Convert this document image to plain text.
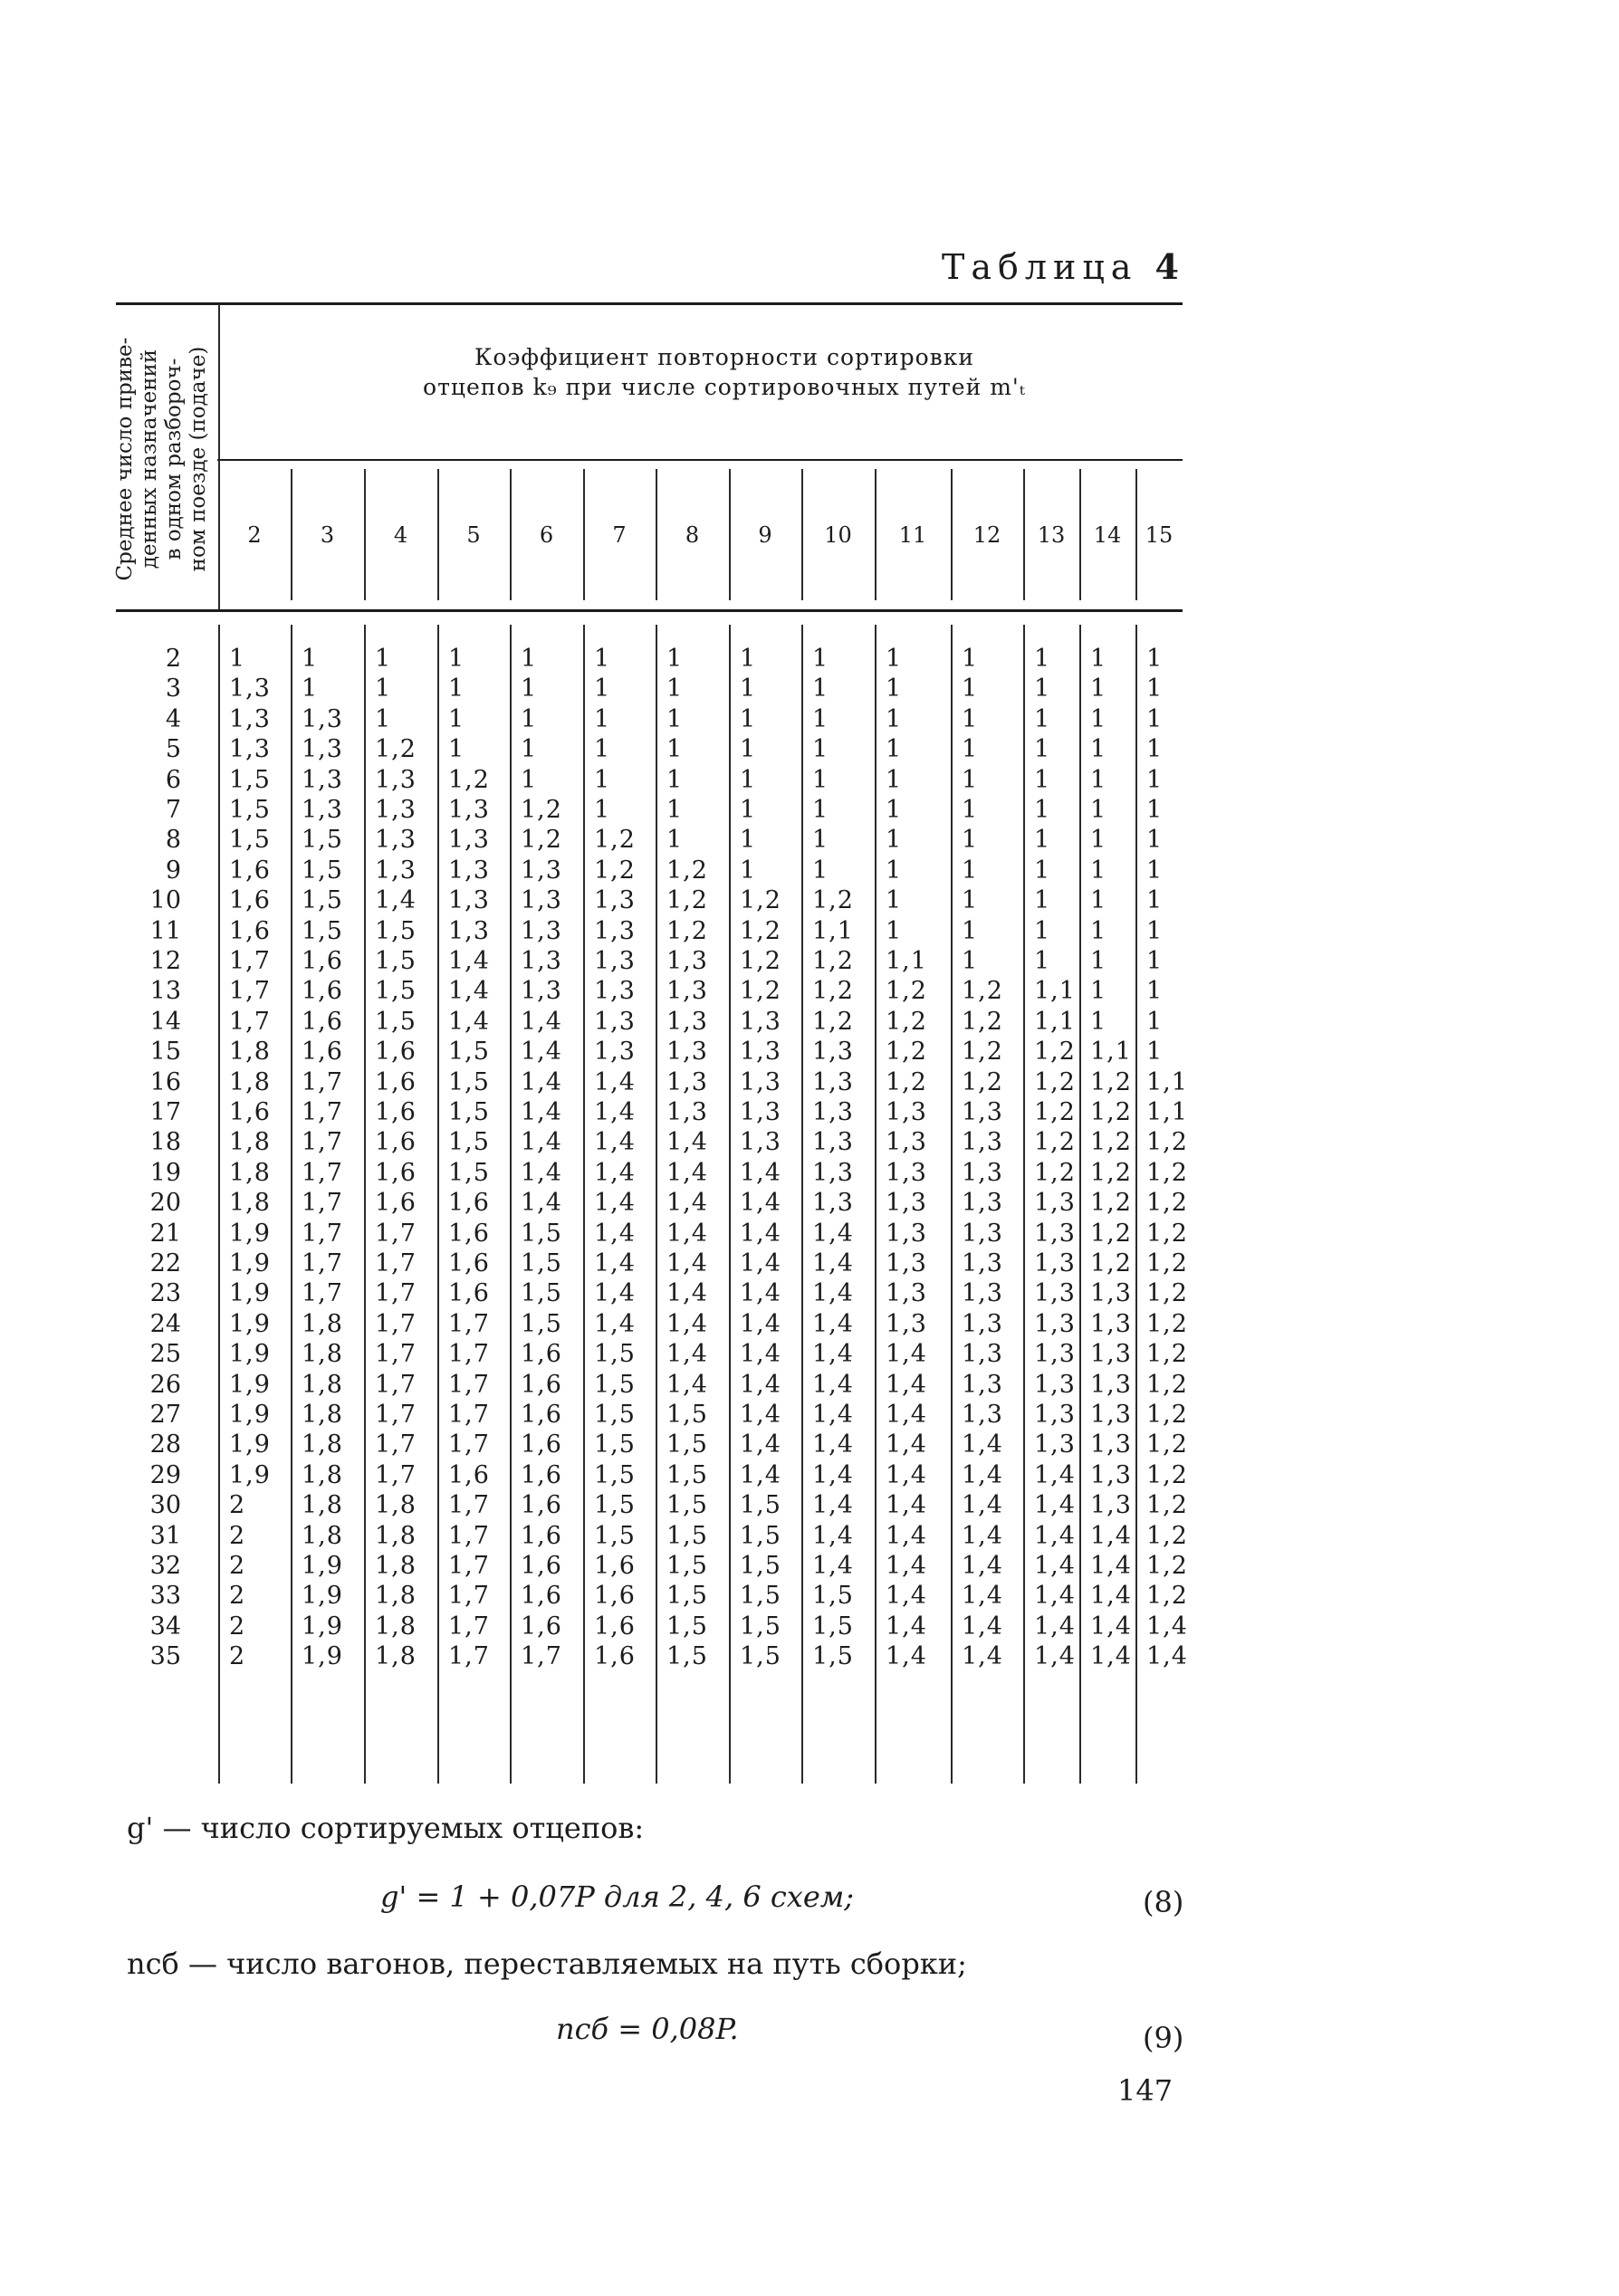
Таблица 4
Среднее число приве-
денных назначений
в одном разбороч-
ном поезде (подаче)	Коэффициент повторности сортировки
отцепов k₉ при числе сортировочных путей m'ₜ
2	3	4	5	6	7	8	9	10	11	12	13	14	15
2 1 1 1 1 1 1 1 1 1 1 1 1 1 1
3 1,3 1 1 1 1 1 1 1 1 1 1 1 1 1
4 1,3 1,3 1 1 1 1 1 1 1 1 1 1 1 1
5 1,3 1,3 1,2 1 1 1 1 1 1 1 1 1 1 1
6 1,5 1,3 1,3 1,2 1 1 1 1 1 1 1 1 1 1
7 1,5 1,3 1,3 1,3 1,2 1 1 1 1 1 1 1 1 1
8 1,5 1,5 1,3 1,3 1,2 1,2 1 1 1 1 1 1 1 1
9 1,6 1,5 1,3 1,3 1,3 1,2 1,2 1 1 1 1 1 1 1
10 1,6 1,5 1,4 1,3 1,3 1,3 1,2 1,2 1,2 1 1 1 1 1
11 1,6 1,5 1,5 1,3 1,3 1,3 1,2 1,2 1,1 1 1 1 1 1
12 1,7 1,6 1,5 1,4 1,3 1,3 1,3 1,2 1,2 1,1 1 1 1 1
13 1,7 1,6 1,5 1,4 1,3 1,3 1,3 1,2 1,2 1,2 1,2 1,1 1 1
14 1,7 1,6 1,5 1,4 1,4 1,3 1,3 1,3 1,2 1,2 1,2 1,1 1 1
15 1,8 1,6 1,6 1,5 1,4 1,3 1,3 1,3 1,3 1,2 1,2 1,2 1,1 1
16 1,8 1,7 1,6 1,5 1,4 1,4 1,3 1,3 1,3 1,2 1,2 1,2 1,2 1,1
17 1,6 1,7 1,6 1,5 1,4 1,4 1,3 1,3 1,3 1,3 1,3 1,2 1,2 1,1
18 1,8 1,7 1,6 1,5 1,4 1,4 1,4 1,3 1,3 1,3 1,3 1,2 1,2 1,2
19 1,8 1,7 1,6 1,5 1,4 1,4 1,4 1,4 1,3 1,3 1,3 1,2 1,2 1,2
20 1,8 1,7 1,6 1,6 1,4 1,4 1,4 1,4 1,3 1,3 1,3 1,3 1,2 1,2
21 1,9 1,7 1,7 1,6 1,5 1,4 1,4 1,4 1,4 1,3 1,3 1,3 1,2 1,2
22 1,9 1,7 1,7 1,6 1,5 1,4 1,4 1,4 1,4 1,3 1,3 1,3 1,2 1,2
23 1,9 1,7 1,7 1,6 1,5 1,4 1,4 1,4 1,4 1,3 1,3 1,3 1,3 1,2
24 1,9 1,8 1,7 1,7 1,5 1,4 1,4 1,4 1,4 1,3 1,3 1,3 1,3 1,2
25 1,9 1,8 1,7 1,7 1,6 1,5 1,4 1,4 1,4 1,4 1,3 1,3 1,3 1,2
26 1,9 1,8 1,7 1,7 1,6 1,5 1,4 1,4 1,4 1,4 1,3 1,3 1,3 1,2
27 1,9 1,8 1,7 1,7 1,6 1,5 1,5 1,4 1,4 1,4 1,3 1,3 1,3 1,2
28 1,9 1,8 1,7 1,7 1,6 1,5 1,5 1,4 1,4 1,4 1,4 1,3 1,3 1,2
29 1,9 1,8 1,7 1,6 1,6 1,5 1,5 1,4 1,4 1,4 1,4 1,4 1,3 1,2
30 2 1,8 1,8 1,7 1,6 1,5 1,5 1,5 1,4 1,4 1,4 1,4 1,3 1,2
31 2 1,8 1,8 1,7 1,6 1,5 1,5 1,5 1,4 1,4 1,4 1,4 1,4 1,2
32 2 1,9 1,8 1,7 1,6 1,6 1,5 1,5 1,4 1,4 1,4 1,4 1,4 1,2
33 2 1,9 1,8 1,7 1,6 1,6 1,5 1,5 1,5 1,4 1,4 1,4 1,4 1,2
34 2 1,9 1,8 1,7 1,6 1,6 1,5 1,5 1,5 1,4 1,4 1,4 1,4 1,4
35 2 1,9 1,8 1,7 1,7 1,6 1,5 1,5 1,5 1,4 1,4 1,4 1,4 1,4
g' — число сортируемых отцепов:
g' = 1 + 0,07P для 2, 4, 6 схем;	(8)
nсб — число вагонов, переставляемых на путь сборки;
nсб = 0,08P.	(9)
147
